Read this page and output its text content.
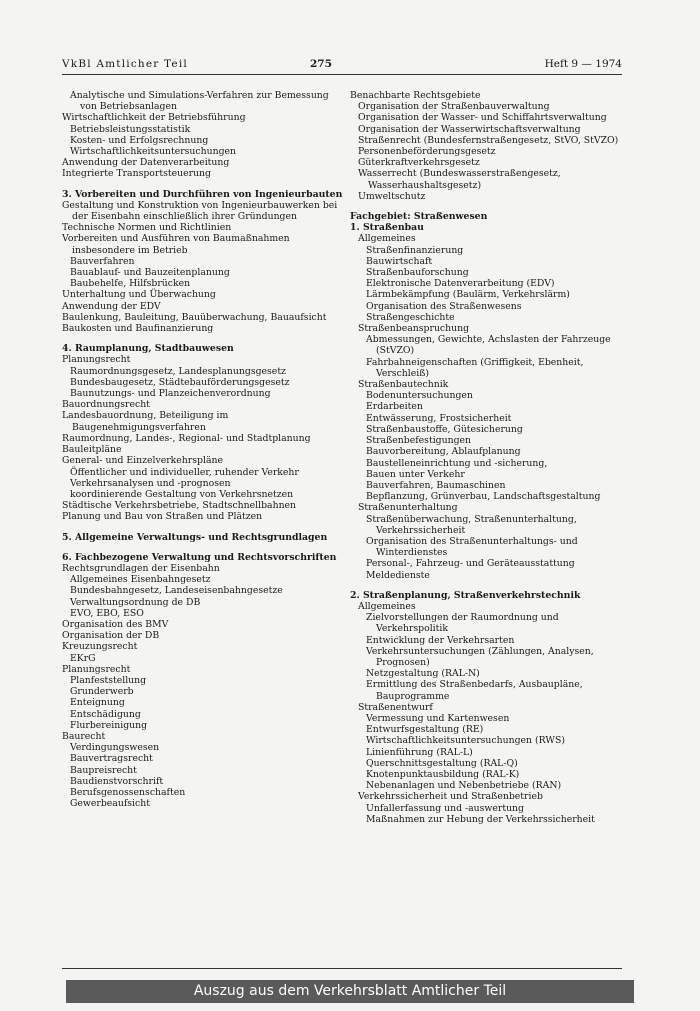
VkBl Amtlicher Teil	275	Heft 9 — 1974
Analytische und Simulations-Verfahren zur Bemessung von Betriebsanlagen
Wirtschaftlichkeit der Betriebsführung
Betriebsleistungsstatistik
Kosten- und Erfolgsrechnung
Wirtschaftlichkeitsuntersuchungen
Anwendung der Datenverarbeitung
Integrierte Transportsteuerung
3. Vorbereiten und Durchführen von Ingenieurbauten
Gestaltung und Konstruktion von Ingenieurbauwerken bei der Eisenbahn einschließlich ihrer Gründungen
Technische Normen und Richtlinien
Vorbereiten und Ausführen von Baumaßnahmen insbesondere im Betrieb
Bauverfahren
Bauablauf- und Bauzeitenplanung
Baubehelfe, Hilfsbrücken
Unterhaltung und Überwachung
Anwendung der EDV
Baulenkung, Bauleitung, Bauüberwachung, Bauaufsicht
Baukosten und Baufinanzierung
4. Raumplanung, Stadtbauwesen
Planungsrecht
Raumordnungsgesetz, Landesplanungsgesetz
Bundesbaugesetz, Städtebauförderungsgesetz
Baunutzungs- und Planzeichenverordnung
Bauordnungsrecht
Landesbauordnung, Beteiligung im Baugenehmigungsverfahren
Raumordnung, Landes-, Regional- und Stadtplanung
Bauleitpläne
General- und Einzelverkehrspläne
Öffentlicher und individueller, ruhender Verkehr
Verkehrsanalysen und -prognosen
koordinierende Gestaltung von Verkehrsnetzen
Städtische Verkehrsbetriebe, Stadtschnellbahnen
Planung und Bau von Straßen und Plätzen
5. Allgemeine Verwaltungs- und Rechtsgrundlagen
6. Fachbezogene Verwaltung und Rechtsvorschriften
Rechtsgrundlagen der Eisenbahn
Allgemeines Eisenbahngesetz
Bundesbahngesetz, Landeseisenbahngesetze
Verwaltungsordnung de DB
EVO, EBO, ESO
Organisation des BMV
Organisation der DB
Kreuzungsrecht
EKrG
Planungsrecht
Planfeststellung
Grunderwerb
Enteignung
Entschädigung
Flurbereinigung
Baurecht
Verdingungswesen
Bauvertragsrecht
Baupreisrecht
Baudienstvorschrift
Berufsgenossenschaften
Gewerbeaufsicht
Benachbarte Rechtsgebiete
Organisation der Straßenbauverwaltung
Organisation der Wasser- und Schiffahrtsverwaltung
Organisation der Wasserwirtschaftsverwaltung
Straßenrecht (Bundesfernstraßengesetz, StVO, StVZO)
Personenbeförderungsgesetz
Güterkraftverkehrsgesetz
Wasserrecht (Bundeswasserstraßengesetz, Wasserhaushaltsgesetz)
Umweltschutz
Fachgebiet: Straßenwesen
1. Straßenbau
Allgemeines
Straßenfinanzierung
Bauwirtschaft
Straßenbauforschung
Elektronische Datenverarbeitung (EDV)
Lärmbekämpfung (Baulärm, Verkehrslärm)
Organisation des Straßenwesens
Straßengeschichte
Straßenbeanspruchung
Abmessungen, Gewichte, Achslasten der Fahrzeuge (StVZO)
Fahrbahneigenschaften (Griffigkeit, Ebenheit, Verschleiß)
Straßenbautechnik
Bodenuntersuchungen
Erdarbeiten
Entwässerung, Frostsicherheit
Straßenbaustoffe, Gütesicherung
Straßenbefestigungen
Bauvorbereitung, Ablaufplanung
Baustelleneinrichtung und -sicherung,
Bauen unter Verkehr
Bauverfahren, Baumaschinen
Bepflanzung, Grünverbau, Landschaftsgestaltung
Straßenunterhaltung
Straßenüberwachung, Straßenunterhaltung, Verkehrssicherheit
Organisation des Straßenunterhaltungs- und Winterdienstes
Personal-, Fahrzeug- und Geräteausstattung
Meldedienste
2. Straßenplanung, Straßenverkehrstechnik
Allgemeines
Zielvorstellungen der Raumordnung und Verkehrspolitik
Entwicklung der Verkehrsarten
Verkehrsuntersuchungen (Zählungen, Analysen, Prognosen)
Netzgestaltung (RAL-N)
Ermittlung des Straßenbedarfs, Ausbaupläne, Bauprogramme
Straßenentwurf
Vermessung und Kartenwesen
Entwurfsgestaltung (RE)
Wirtschaftlichkeitsuntersuchungen (RWS)
Linienführung (RAL-L)
Querschnittsgestaltung (RAL-Q)
Knotenpunktausbildung (RAL-K)
Nebenanlagen und Nebenbetriebe (RAN)
Verkehrssicherheit und Straßenbetrieb
Unfallerfassung und -auswertung
Maßnahmen zur Hebung der Verkehrssicherheit
Auszug aus dem Verkehrsblatt Amtlicher Teil
